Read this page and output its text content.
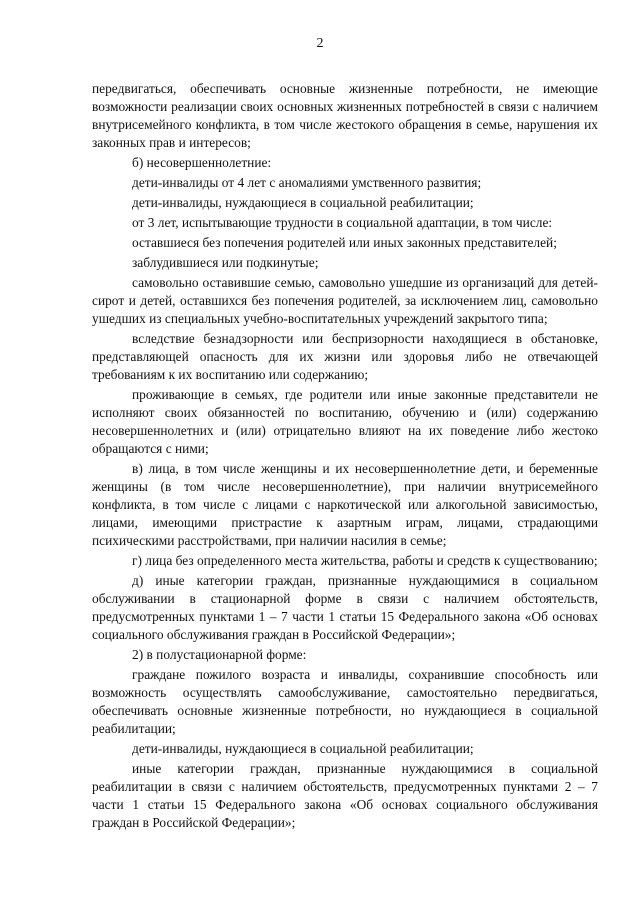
2

передвигаться, обеспечивать основные жизненные потребности, не имеющие возможности реализации своих основных жизненных потребностей в связи с наличием внутрисемейного конфликта, в том числе жестокого обращения в семье, нарушения их законных прав и интересов;

б) несовершеннолетние:

дети-инвалиды от 4 лет с аномалиями умственного развития;

дети-инвалиды, нуждающиеся в социальной реабилитации;

от 3 лет, испытывающие трудности в социальной адаптации, в том числе:

оставшиеся без попечения родителей или иных законных представителей;

заблудившиеся или подкинутые;

самовольно оставившие семью, самовольно ушедшие из организаций для детей-сирот и детей, оставшихся без попечения родителей, за исключением лиц, самовольно ушедших из специальных учебно-воспитательных учреждений закрытого типа;

вследствие безнадзорности или беспризорности находящиеся в обстановке, представляющей опасность для их жизни или здоровья либо не отвечающей требованиям к их воспитанию или содержанию;

проживающие в семьях, где родители или иные законные представители не исполняют своих обязанностей по воспитанию, обучению и (или) содержанию несовершеннолетних и (или) отрицательно влияют на их поведение либо жестоко обращаются с ними;

в) лица, в том числе женщины и их несовершеннолетние дети, и беременные женщины (в том числе несовершеннолетние), при наличии внутрисемейного конфликта, в том числе с лицами с наркотической или алкогольной зависимостью, лицами, имеющими пристрастие к азартным играм, лицами, страдающими психическими расстройствами, при наличии насилия в семье;

г) лица без определенного места жительства, работы и средств к существованию;

д) иные категории граждан, признанные нуждающимися в социальном обслуживании в стационарной форме в связи с наличием обстоятельств, предусмотренных пунктами 1 – 7 части 1 статьи 15 Федерального закона «Об основах социального обслуживания граждан в Российской Федерации»;

2) в полустационарной форме:

граждане пожилого возраста и инвалиды, сохранившие способность или возможность осуществлять самообслуживание, самостоятельно передвигаться, обеспечивать основные жизненные потребности, но нуждающиеся в социальной реабилитации;

дети-инвалиды, нуждающиеся в социальной реабилитации;

иные категории граждан, признанные нуждающимися в социальной реабилитации в связи с наличием обстоятельств, предусмотренных пунктами 2 – 7 части 1 статьи 15 Федерального закона «Об основах социального обслуживания граждан в Российской Федерации»;
